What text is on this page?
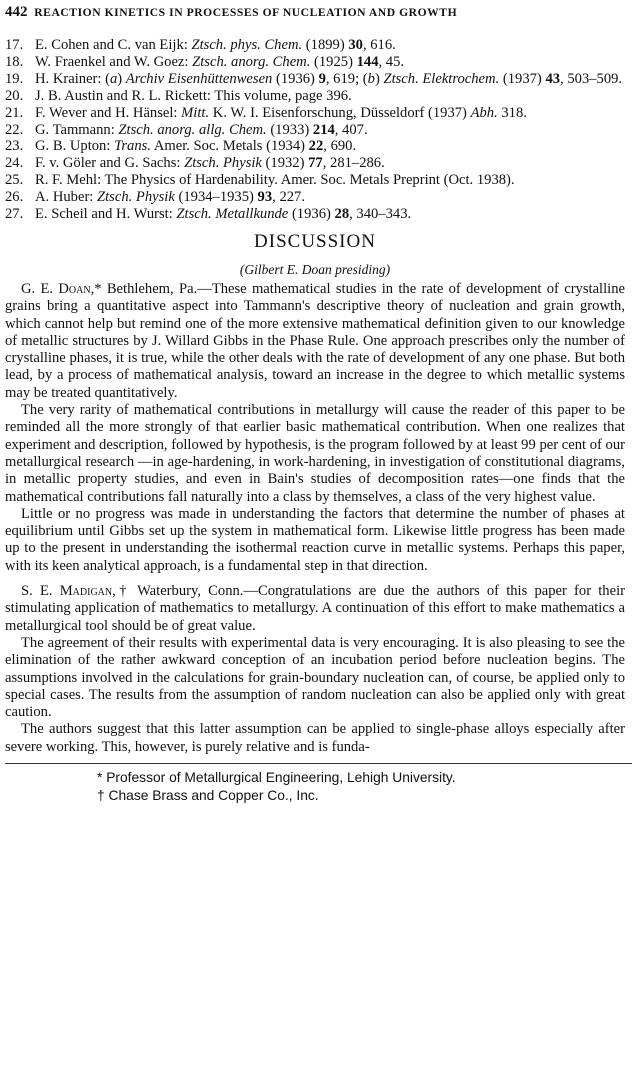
442 REACTION KINETICS IN PROCESSES OF NUCLEATION AND GROWTH

17. E. Cohen and C. van Eijk: Ztsch. phys. Chem. (1899) 30, 616.

18. W. Fraenkel and W. Goez: Ztsch. anorg. Chem. (1925) 144, 45.

19. H. Krainer: (a) Archiv Eisenhüttenwesen (1936) 9, 619; (b) Ztsch. Elektrochem. (1937) 43, 503–509.

20. J. B. Austin and R. L. Rickett: This volume, page 396.

21. F. Wever and H. Hänsel: Mitt. K. W. I. Eisenforschung, Düsseldorf (1937) Abh. 318.

22. G. Tammann: Ztsch. anorg. allg. Chem. (1933) 214, 407.

23. G. B. Upton: Trans. Amer. Soc. Metals (1934) 22, 690.

24. F. v. Göler and G. Sachs: Ztsch. Physik (1932) 77, 281–286.

25. R. F. Mehl: The Physics of Hardenability. Amer. Soc. Metals Preprint (Oct. 1938).

26. A. Huber: Ztsch. Physik (1934–1935) 93, 227.

27. E. Scheil and H. Wurst: Ztsch. Metallkunde (1936) 28, 340–343.

DISCUSSION
(Gilbert E. Doan presiding)

G. E. Doan,* Bethlehem, Pa.—These mathematical studies in the rate of development of crystalline grains bring a quantitative aspect into Tammann's descriptive theory of nucleation and grain growth, which cannot help but remind one of the more extensive mathematical definition given to our knowledge of metallic structures by J. Willard Gibbs in the Phase Rule. One approach prescribes only the number of crystalline phases, it is true, while the other deals with the rate of development of any one phase. But both lead, by a process of mathematical analysis, toward an increase in the degree to which metallic systems may be treated quantitatively.

The very rarity of mathematical contributions in metallurgy will cause the reader of this paper to be reminded all the more strongly of that earlier basic mathematical contribution. When one realizes that experiment and description, followed by hypothesis, is the program followed by at least 99 per cent of our metallurgical research —in age-hardening, in work-hardening, in investigation of constitutional diagrams, in metallic property studies, and even in Bain's studies of decomposition rates—one finds that the mathematical contributions fall naturally into a class by themselves, a class of the very highest value.

Little or no progress was made in understanding the factors that determine the number of phases at equilibrium until Gibbs set up the system in mathematical form. Likewise little progress has been made up to the present in understanding the isothermal reaction curve in metallic systems. Perhaps this paper, with its keen analytical approach, is a fundamental step in that direction.

S. E. Madigan,† Waterbury, Conn.—Congratulations are due the authors of this paper for their stimulating application of mathematics to metallurgy. A continuation of this effort to make mathematics a metallurgical tool should be of great value.

The agreement of their results with experimental data is very encouraging. It is also pleasing to see the elimination of the rather awkward conception of an incubation period before nucleation begins. The assumptions involved in the calculations for grain-boundary nucleation can, of course, be applied only to special cases. The results from the assumption of random nucleation can also be applied only with great caution.

The authors suggest that this latter assumption can be applied to single-phase alloys especially after severe working. This, however, is purely relative and is funda-

* Professor of Metallurgical Engineering, Lehigh University.

† Chase Brass and Copper Co., Inc.
